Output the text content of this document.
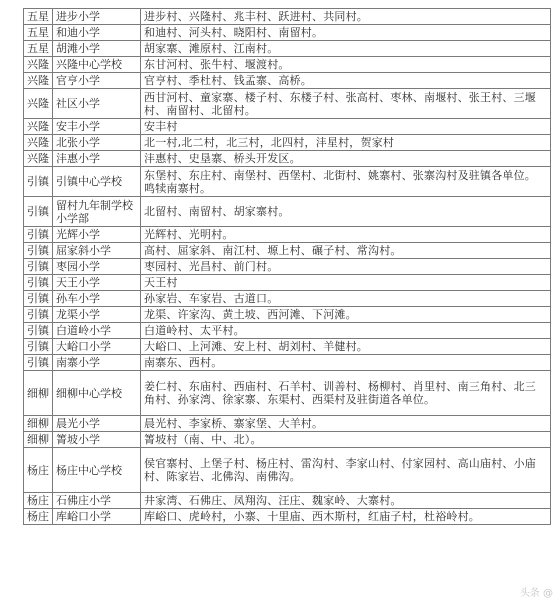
五星	进步小学	进步村、兴隆村、兆丰村、跃进村、共同村。
五星	和迪小学	和迪村、河头村、晓阳村、南留村。
五星	胡滩小学	胡家寨、滩原村、江南村。
兴隆	兴隆中心学校	东甘河村、张牛村、堰渡村。
兴隆	官亨小学	官亨村、季杜村、钱孟寨、高桥。
兴隆	社区小学	西甘河村、童家寨、楼子村、东楼子村、张高村、枣林、南堰村、张王村、三堰村、南留村、北留村。
兴隆	安丰小学	安丰村
兴隆	北张小学	北一村,北二村，北三村，北四村，沣星村，贺家村
兴隆	沣惠小学	沣惠村、史垦寨、桥头开发区。
引镇	引镇中心学校	东堡村、东庄村、南堡村、西堡村、北街村、姚寨村、张寨沟村及驻镇各单位。鸣犊南寨村。
引镇	留村九年制学校小学部	北留村、南留村、胡家寨村。
引镇	光辉小学	光辉村、光明村。
引镇	屈家斜小学	高村、屈家斜、南江村、塬上村、碾子村、常沟村。
引镇	枣园小学	枣园村、光昌村、前门村。
引镇	天王小学	天王村
引镇	孙车小学	孙家岩、车家岩、古道口。
引镇	龙渠小学	龙渠、许家沟、黄土坡、西河滩、下河滩。
引镇	白道岭小学	白道岭村、太平村。
引镇	大峪口小学	大峪口、上河滩、安上村、胡刘村、羊健村。
引镇	南寨小学	南寨东、西村。
细柳	细柳中心学校	姜仁村、东庙村、西庙村、石羊村、训善村、杨柳村、肖里村、南三角村、北三角村、孙家湾、徐家寨、东渠村、西渠村及驻街道各单位。
细柳	晨光小学	晨光村、李家桥、寨家堡、大羊村。
细柳	箐坡小学	箐坡村（南、中、北）。
杨庄	杨庄中心学校	侯官寨村、上堡子村、杨庄村、雷沟村、李家山村、付家园村、高山庙村、小庙村、陈家岩、北佛沟、南佛沟。
杨庄	石佛庄小学	井家湾、石佛庄、凤翔沟、汪庄、魏家岭、大寨村。
杨庄	库峪口小学	库峪口、虎岭村，小寨、十里庙、西木斯村，红庙子村，杜裕岭村。
头条 @
